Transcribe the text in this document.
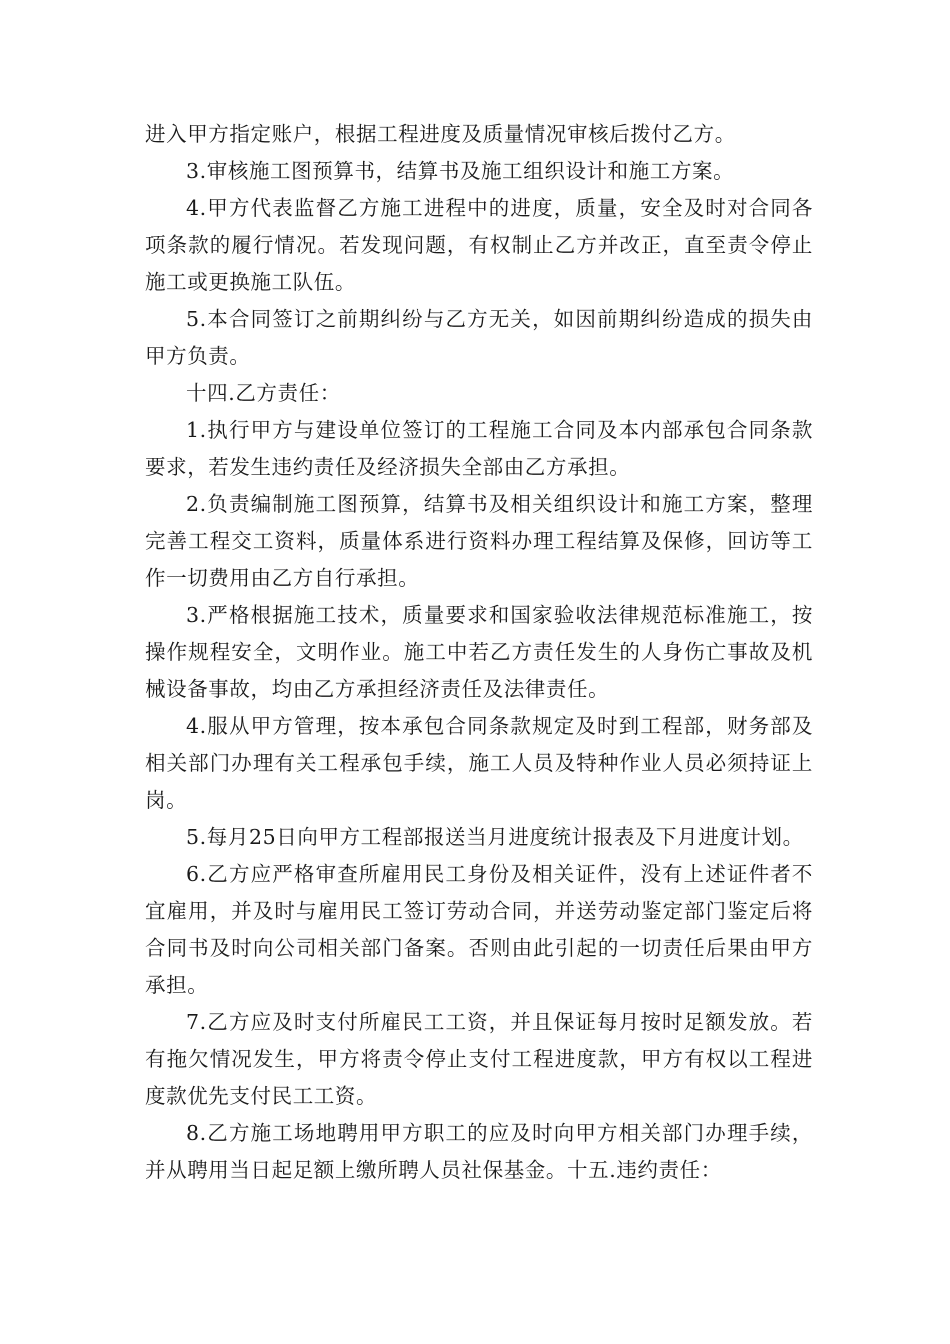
进入甲方指定账户，根据工程进度及质量情况审核后拨付乙方。

3.审核施工图预算书，结算书及施工组织设计和施工方案。

4.甲方代表监督乙方施工进程中的进度，质量，安全及时对合同各项条款的履行情况。若发现问题，有权制止乙方并改正，直至责令停止施工或更换施工队伍。

5.本合同签订之前期纠纷与乙方无关，如因前期纠纷造成的损失由甲方负责。

十四.乙方责任：

1.执行甲方与建设单位签订的工程施工合同及本内部承包合同条款要求，若发生违约责任及经济损失全部由乙方承担。

2.负责编制施工图预算，结算书及相关组织设计和施工方案，整理完善工程交工资料，质量体系进行资料办理工程结算及保修，回访等工作一切费用由乙方自行承担。

3.严格根据施工技术，质量要求和国家验收法律规范标准施工，按操作规程安全，文明作业。施工中若乙方责任发生的人身伤亡事故及机械设备事故，均由乙方承担经济责任及法律责任。

4.服从甲方管理，按本承包合同条款规定及时到工程部，财务部及相关部门办理有关工程承包手续，施工人员及特种作业人员必须持证上岗。

5.每月25日向甲方工程部报送当月进度统计报表及下月进度计划。

6.乙方应严格审查所雇用民工身份及相关证件，没有上述证件者不宜雇用，并及时与雇用民工签订劳动合同，并送劳动鉴定部门鉴定后将合同书及时向公司相关部门备案。否则由此引起的一切责任后果由甲方承担。

7.乙方应及时支付所雇民工工资，并且保证每月按时足额发放。若有拖欠情况发生，甲方将责令停止支付工程进度款，甲方有权以工程进度款优先支付民工工资。

8.乙方施工场地聘用甲方职工的应及时向甲方相关部门办理手续，并从聘用当日起足额上缴所聘人员社保基金。十五.违约责任：
